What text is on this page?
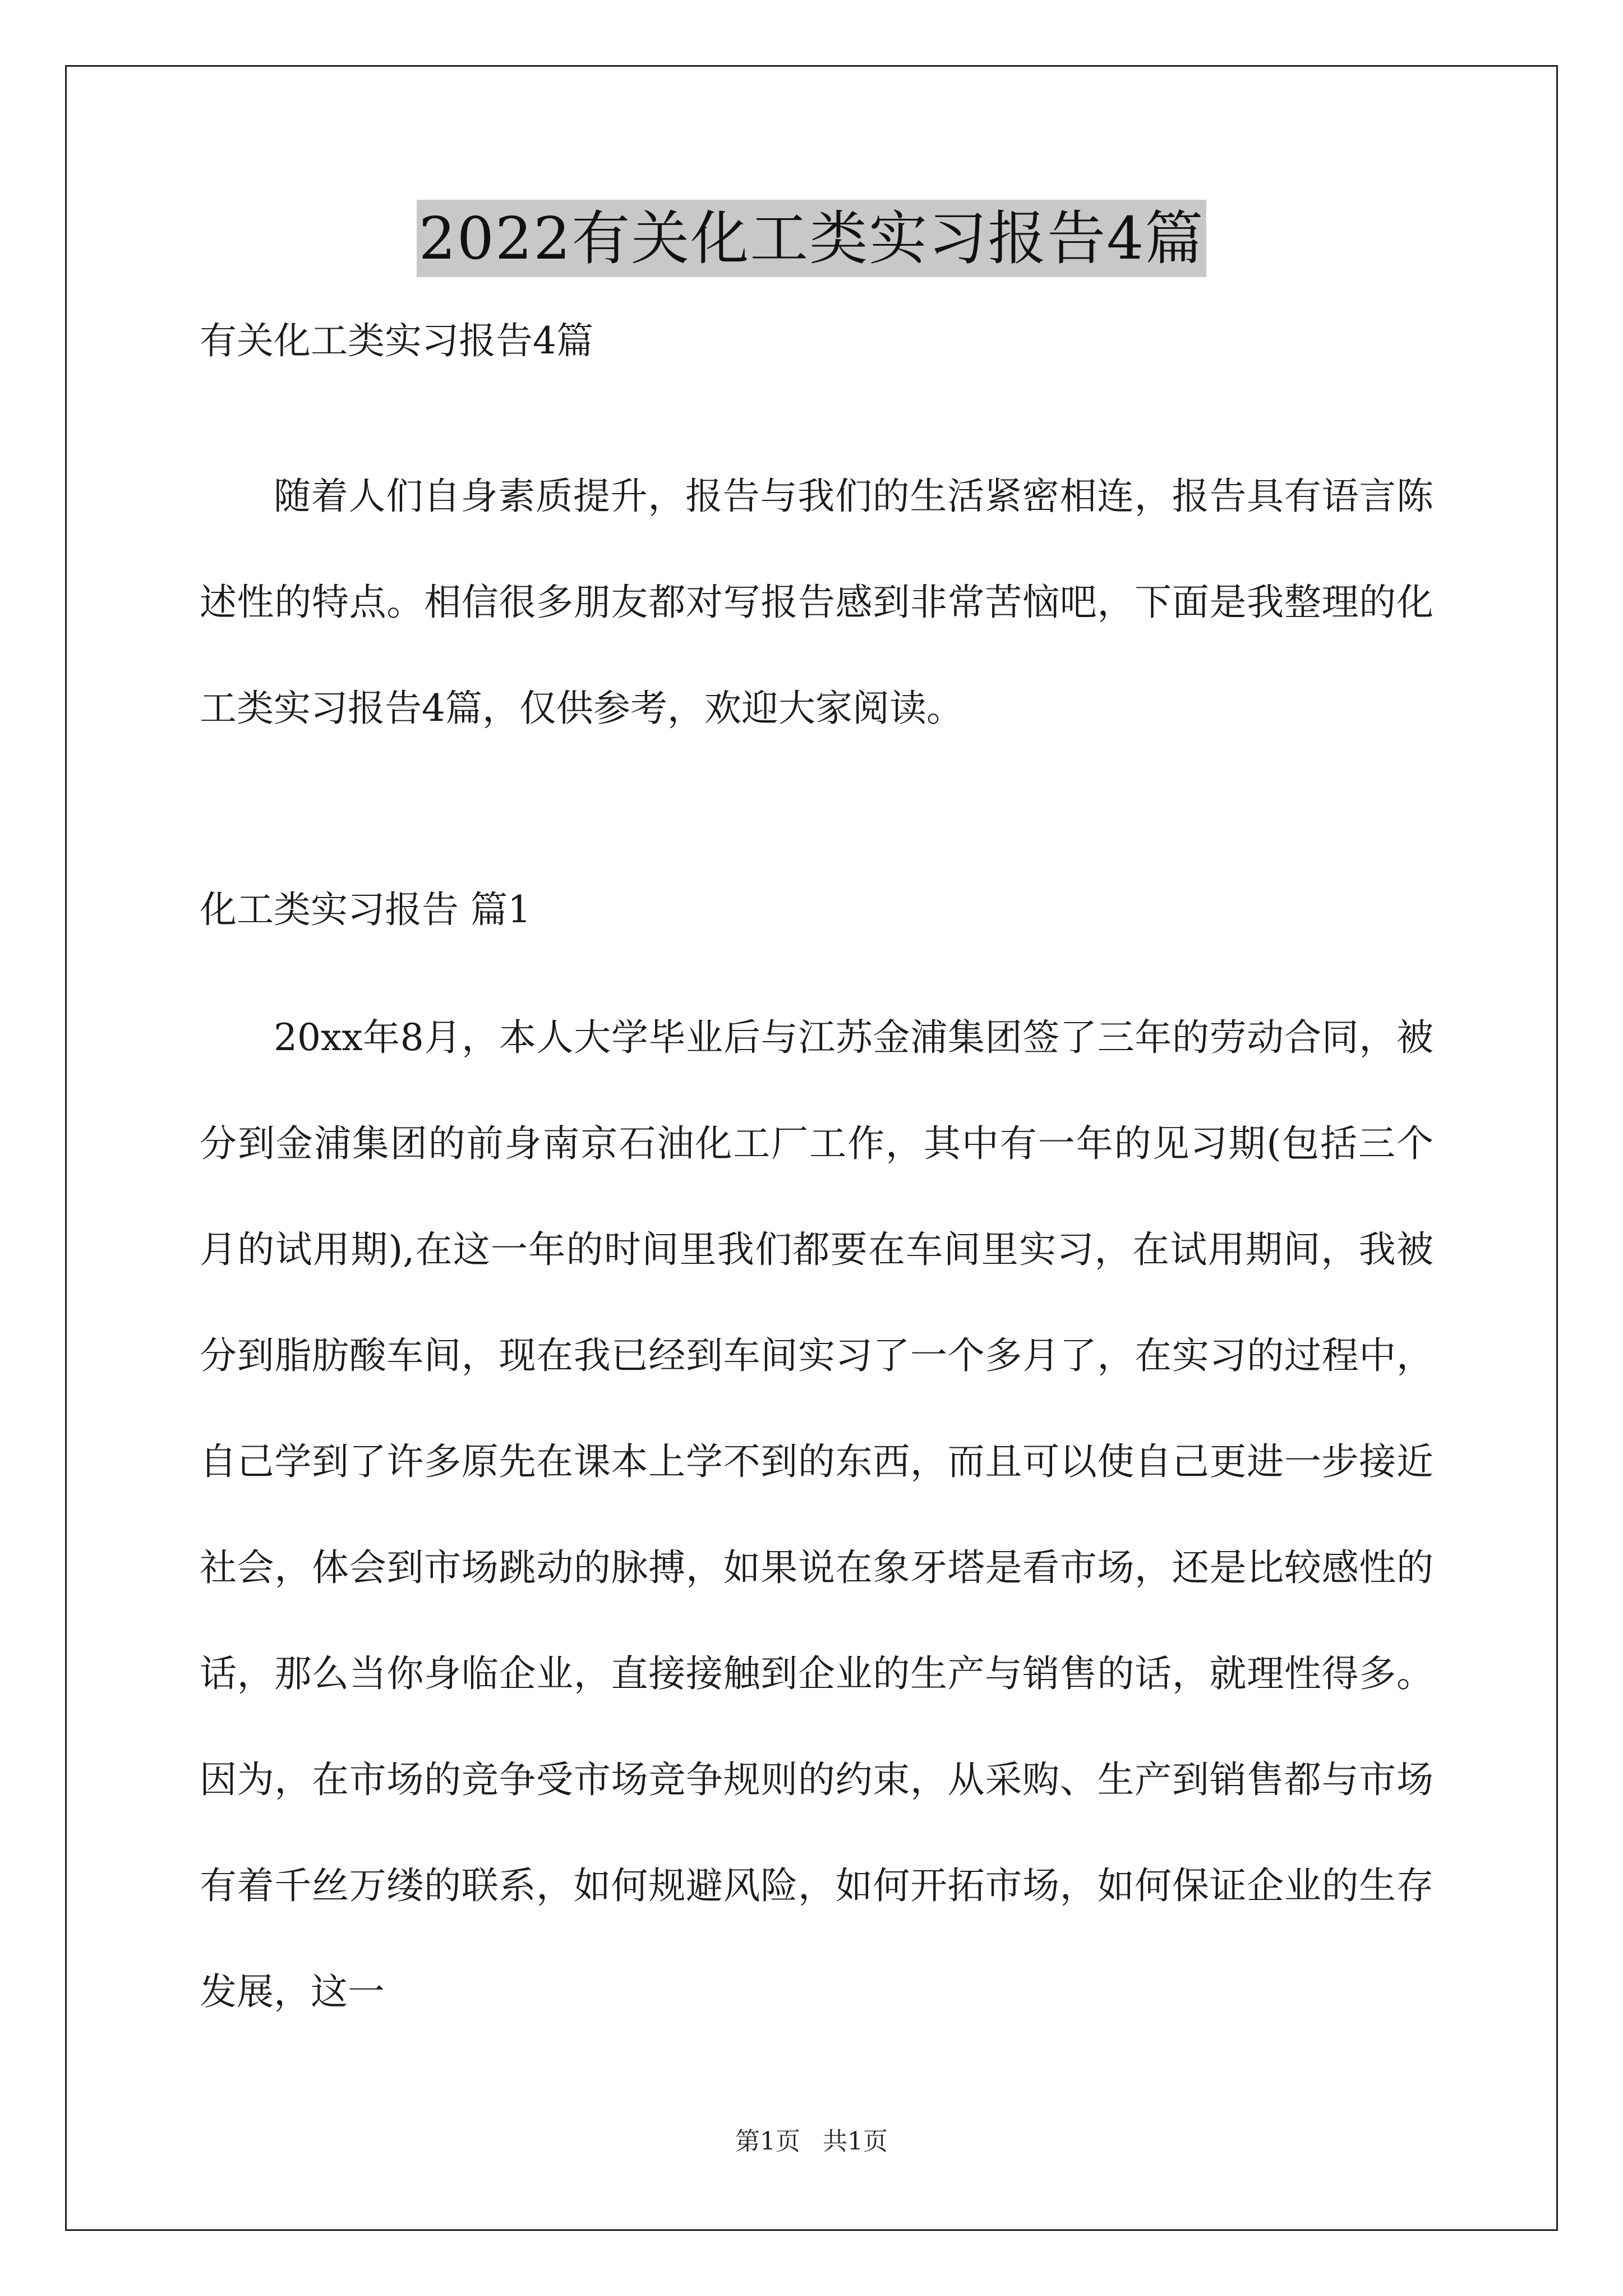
2022有关化工类实习报告4篇
有关化工类实习报告4篇
随着人们自身素质提升，报告与我们的生活紧密相连，报告具有语言陈述性的特点。相信很多朋友都对写报告感到非常苦恼吧，下面是我整理的化工类实习报告4篇，仅供参考，欢迎大家阅读。
化工类实习报告 篇1
20xx年8月，本人大学毕业后与江苏金浦集团签了三年的劳动合同，被分到金浦集团的前身南京石油化工厂工作，其中有一年的见习期(包括三个月的试用期),在这一年的时间里我们都要在车间里实习，在试用期间，我被分到脂肪酸车间，现在我已经到车间实习了一个多月了，在实习的过程中，自己学到了许多原先在课本上学不到的东西，而且可以使自己更进一步接近社会，体会到市场跳动的脉搏，如果说在象牙塔是看市场，还是比较感性的话，那么当你身临企业，直接接触到企业的生产与销售的话，就理性得多。因为，在市场的竞争受市场竞争规则的约束，从采购、生产到销售都与市场有着千丝万缕的联系，如何规避风险，如何开拓市场，如何保证企业的生存发展，这一
第1页 共1页
